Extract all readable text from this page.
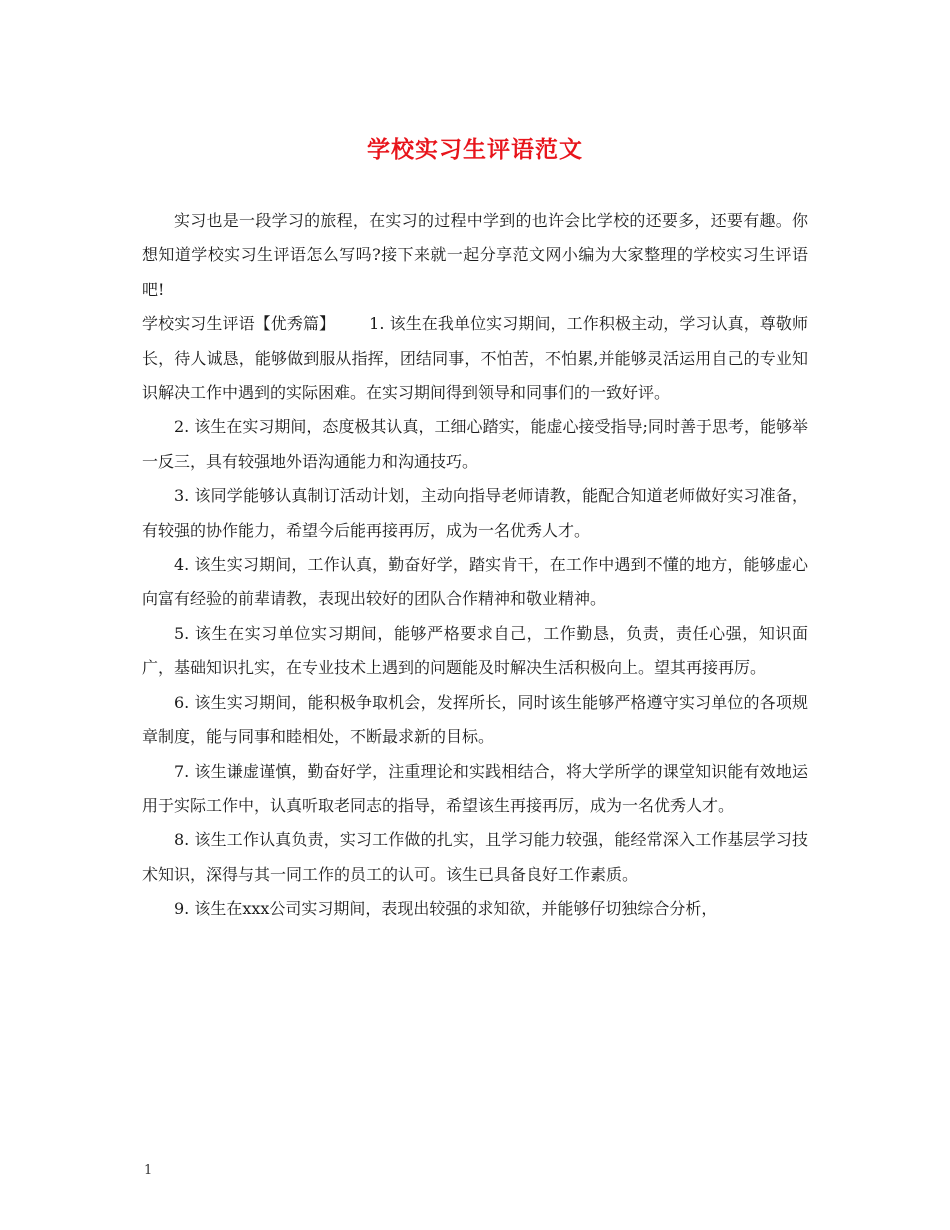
学校实习生评语范文

实习也是一段学习的旅程，在实习的过程中学到的也许会比学校的还要多，还要有趣。你想知道学校实习生评语怎么写吗?接下来就一起分享范文网小编为大家整理的学校实习生评语吧!

学校实习生评语【优秀篇】 1. 该生在我单位实习期间，工作积极主动，学习认真，尊敬师长，待人诚恳，能够做到服从指挥，团结同事，不怕苦，不怕累,并能够灵活运用自己的专业知识解决工作中遇到的实际困难。在实习期间得到领导和同事们的一致好评。

2. 该生在实习期间，态度极其认真，工细心踏实，能虚心接受指导;同时善于思考，能够举一反三，具有较强地外语沟通能力和沟通技巧。

3. 该同学能够认真制订活动计划，主动向指导老师请教，能配合知道老师做好实习准备，有较强的协作能力，希望今后能再接再厉，成为一名优秀人才。

4. 该生实习期间，工作认真，勤奋好学，踏实肯干，在工作中遇到不懂的地方，能够虚心向富有经验的前辈请教，表现出较好的团队合作精神和敬业精神。

5. 该生在实习单位实习期间，能够严格要求自己，工作勤恳，负责，责任心强，知识面广，基础知识扎实，在专业技术上遇到的问题能及时解决生活积极向上。望其再接再厉。

6. 该生实习期间，能积极争取机会，发挥所长，同时该生能够严格遵守实习单位的各项规章制度，能与同事和睦相处，不断最求新的目标。

7. 该生谦虚谨慎，勤奋好学，注重理论和实践相结合，将大学所学的课堂知识能有效地运用于实际工作中，认真听取老同志的指导，希望该生再接再厉，成为一名优秀人才。

8. 该生工作认真负责，实习工作做的扎实，且学习能力较强，能经常深入工作基层学习技术知识，深得与其一同工作的员工的认可。该生已具备良好工作素质。

9. 该生在xxx公司实习期间，表现出较强的求知欲，并能够仔切独综合分析，

1
